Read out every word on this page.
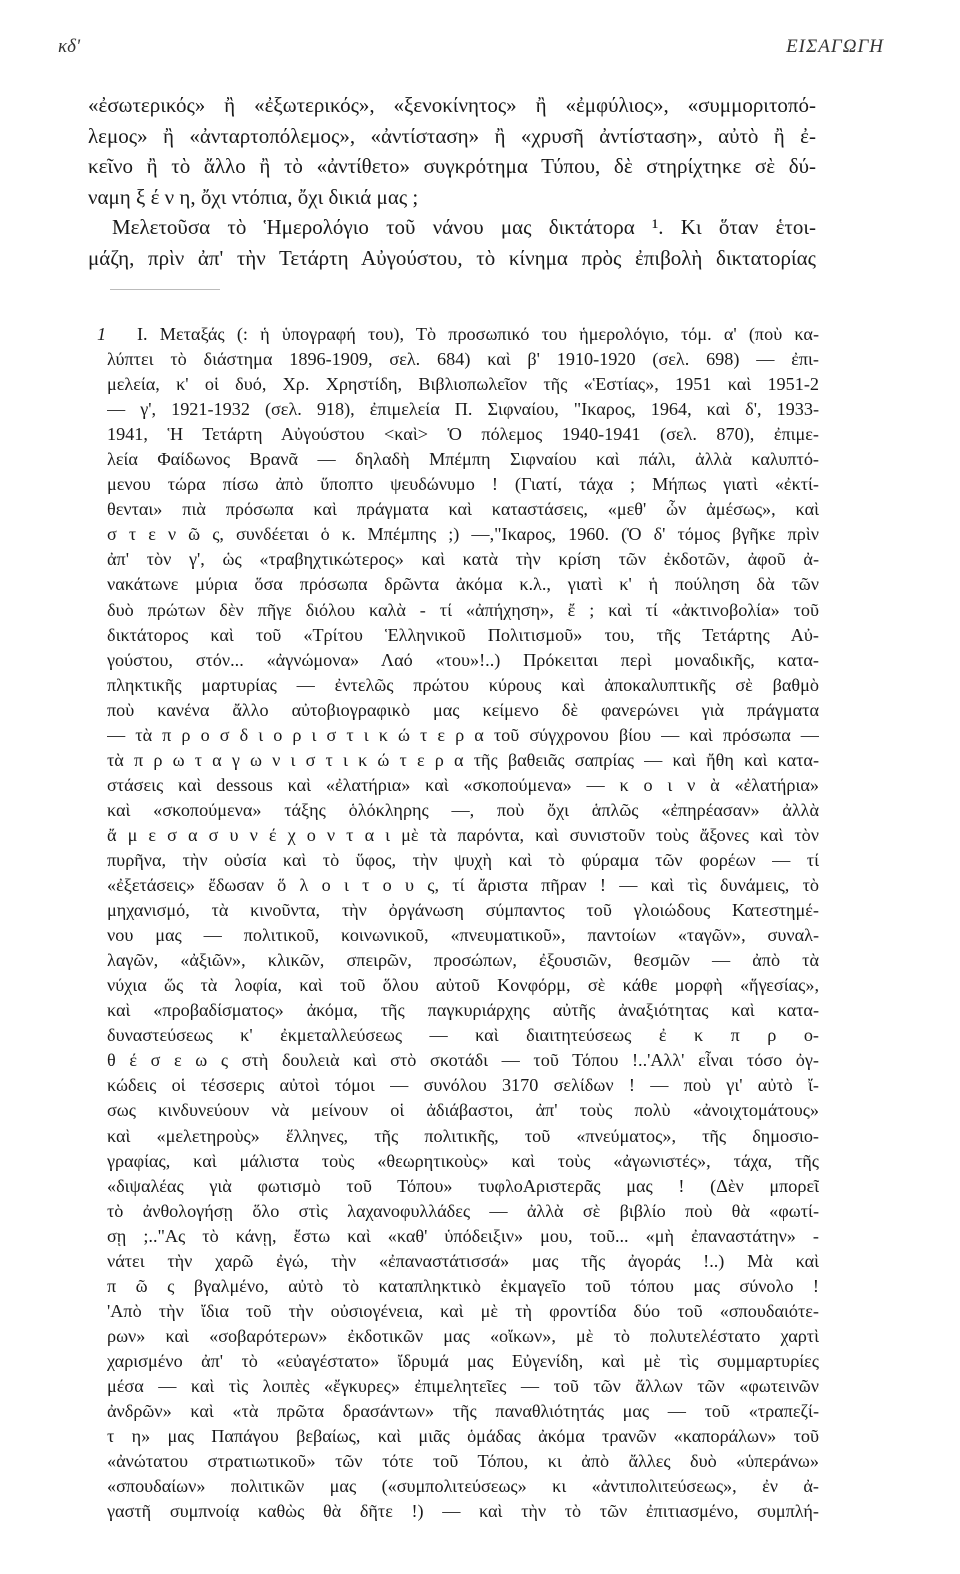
κδ'	ΕΙΣΑΓΩΓΗ
«ἐσωτερικός» ἢ «ἐξωτερικός», «ξενοκίνητος» ἢ «ἐμφύλιος», «συμμοριτοπό-
λεμος» ἢ «ἀνταρτοπόλεμος», «ἀντίσταση» ἢ «χρυσῆ ἀντίσταση», αὐτὸ ἢ ἐ-
κεῖνο ἢ τὸ ἄλλο ἢ τὸ «ἀντίθετο» συγκρότημα Τύπου, δὲ στηρίχτηκε σὲ δύ-
ναμη ξ έ ν η, ὄχι ντόπια, ὄχι δικιά μας ;
Μελετοῦσα τὸ Ἡμερολόγιο τοῦ νάνου μας δικτάτορα ¹. Κι ὅταν ἑτοι-
μάζη, πρὶν ἀπ' τὴν Τετάρτη Αὐγούστου, τὸ κίνημα πρὸς ἐπιβολὴ δικτατορίας
1	Ι. Μεταξάς (: ἡ ὑπογραφή του), Τὸ προσωπικό του ἡμερολόγιο, τόμ. α' (ποὺ κα-
λύπτει τὸ διάστημα 1896-1909, σελ. 684) καὶ β' 1910-1920 (σελ. 698) — ἐπι-
μελεία, κ' οἱ δυό, Χρ. Χρηστίδη, Βιβλιοπωλεῖον τῆς «Ἑστίας», 1951 καὶ 1951-2
— γ', 1921-1932 (σελ. 918), ἐπιμελεία Π. Σιφναίου, "Ικαρος, 1964, καὶ δ', 1933-
1941, Ἡ Τετάρτη Αὐγούστου <καὶ> Ὁ πόλεμος 1940-1941 (σελ. 870), ἐπιμε-
λεία Φαίδωνος Βρανᾶ — δηλαδὴ Μπέμπη Σιφναίου καὶ πάλι, ἀλλὰ καλυπτό-
μενου τώρα πίσω ἀπὸ ὕποπτο ψευδώνυμο ! (Γιατί, τάχα ; Μήπως γιατὶ «ἐκτί-
θενται» πιὰ πρόσωπα καὶ πράγματα καὶ καταστάσεις, «μεθ' ὧν ἀμέσως», καὶ
σ τ ε ν ῶ ς, συνδέεται ὁ κ. Μπέμπης ;) —,"Ικαρος, 1960. (Ὁ δ' τόμος βγῆκε πρὶν
ἀπ' τὸν γ', ὡς «τραβηχτικώτερος» καὶ κατὰ τὴν κρίση τῶν ἐκδοτῶν, ἀφοῦ ἀ-
νακάτωνε μύρια ὅσα πρόσωπα δρῶντα ἀκόμα κ.λ., γιατὶ κ' ἡ πούληση δὰ τῶν
δυὸ πρώτων δὲν πῆγε διόλου καλὰ - τί «ἀπήχηση», ἔ ; καὶ τί «ἀκτινοβολία» τοῦ
δικτάτορος καὶ τοῦ «Τρίτου Ἑλληνικοῦ Πολιτισμοῦ» του, τῆς Τετάρτης Αὐ-
γούστου, στόν... «ἀγνώμονα» Λαό «του»!..) Πρόκειται περὶ μοναδικῆς, κατα-
πληκτικῆς μαρτυρίας — ἐντελῶς πρώτου κύρους καὶ ἀποκαλυπτικῆς σὲ βαθμὸ
ποὺ κανένα ἄλλο αὐτοβιογραφικὸ μας κείμενο δὲ φανερώνει γιὰ πράγματα
— τὰ π ρ ο σ δ ι ο ρ ι σ τ ι κ ώ τ ε ρ α τοῦ σύγχρονου βίου — καὶ πρόσωπα —
τὰ π ρ ω τ α γ ω ν ι σ τ ι κ ώ τ ε ρ α τῆς βαθειᾶς σαπρίας — καὶ ἤθη καὶ κατα-
στάσεις καὶ dessous καὶ «ἐλατήρια» καὶ «σκοπούμενα» — κ ο ι ν ὰ «ἐλατήρια»
καὶ «σκοπούμενα» τάξης ὁλόκληρης —, ποὺ ὄχι ἁπλῶς «ἐπηρέασαν» ἀλλὰ
ἄ μ ε σ α σ υ ν έ χ ο ν τ α ι μὲ τὰ παρόντα, καὶ συνιστοῦν τοὺς ἄξονες καὶ τὸν
πυρῆνα, τὴν οὐσία καὶ τὸ ὕφος, τὴν ψυχὴ καὶ τὸ φύραμα τῶν φορέων — τί
«ἐξετάσεις» ἔδωσαν ὅ λ ο ι τ ο υ ς, τί ἄριστα πῆραν ! — καὶ τὶς δυνάμεις, τὸ
μηχανισμό, τὰ κινοῦντα, τὴν ὀργάνωση σύμπαντος τοῦ γλοιώδους Κατεστημέ-
νου μας — πολιτικοῦ, κοινωνικοῦ, «πνευματικοῦ», παντοίων «ταγῶν», συναλ-
λαγῶν, «ἀξιῶν», κλικῶν, σπειρῶν, προσώπων, ἐξουσιῶν, θεσμῶν — ἀπὸ τὰ
νύχια ὥς τὰ λοφία, καὶ τοῦ ὅλου αὐτοῦ Κονφόρμ, σὲ κάθε μορφὴ «ἥγεσίας»,
καὶ «προβαδίσματος» ἀκόμα, τῆς παγκυριάρχης αὐτῆς ἀναξιότητας καὶ κατα-
δυναστεύσεως κ' ἐκμεταλλεύσεως — καὶ διαιτητεύσεως ἐ κ π ρ ο-
θ έ σ ε ω ς στὴ δουλειὰ καὶ στὸ σκοτάδι — τοῦ Τόπου !..'Αλλ' εἶναι τόσο ὀγ-
κώδεις οἱ τέσσερις αὐτοὶ τόμοι — συνόλου 3170 σελίδων ! — ποὺ γι' αὐτὸ ἴ-
σως κινδυνεύουν νὰ μείνουν οἱ ἀδιάβαστοι, ἀπ' τοὺς πολὺ «ἀνοιχτομάτους»
καὶ «μελετηροὺς» ἕλληνες, τῆς πολιτικῆς, τοῦ «πνεύματος», τῆς δημοσιο-
γραφίας, καὶ μάλιστα τοὺς «θεωρητικοὺς» καὶ τοὺς «ἀγωνιστές», τάχα, τῆς
«διψαλέας γιὰ φωτισμὸ τοῦ Τόπου» τυφλοΑριστερᾶς μας ! (Δὲν μπορεῖ
τὸ ἀνθολογήσῃ ὅλο στὶς λαχανοφυλλάδες — ἀλλὰ σὲ βιβλίο ποὺ θὰ «φωτί-
σῃ ;.."Ας τὸ κάνῃ, ἔστω καὶ «καθ' ὑπόδειξιν» μου, τοῦ... «μὴ ἐπαναστάτην» -
νάτει τὴν χαρῶ ἐγώ, τὴν «ἐπαναστάτισσά» μας τῆς ἀγοράς !..) Μὰ καὶ
π ῶ ς βγαλμένο, αὐτὸ τὸ καταπληκτικὸ ἐκμαγεῖο τοῦ τόπου μας σύνολο !
'Απὸ τὴν ἴδια τοῦ τὴν οὐσιογένεια, καὶ μὲ τὴ φροντίδα δύο τοῦ «σπουδαιότε-
ρων» καὶ «σοβαρότερων» ἐκδοτικῶν μας «οἴκων», μὲ τὸ πολυτελέστατο χαρτὶ
χαρισμένο ἀπ' τὸ «εὐαγέστατο» ἴδρυμά μας Εὐγενίδη, καὶ μὲ τὶς συμμαρτυρίες
μέσα — καὶ τὶς λοιπὲς «ἔγκυρες» ἐπιμελητεῖες — τοῦ τῶν ἄλλων τῶν «φωτεινῶν
ἀνδρῶν» καὶ «τὰ πρῶτα δρασάντων» τῆς παναθλιότητάς μας — τοῦ «τραπεζί-
τ η» μας Παπάγου βεβαίως, καὶ μιᾶς ὁμάδας ἀκόμα τρανῶν «καποράλων» τοῦ
«ἀνώτατου στρατιωτικοῦ» τῶν τότε τοῦ Τόπου, κι ἀπὸ ἄλλες δυὸ «ὑπεράνω»
«σπουδαίων» πολιτικῶν μας («συμπολιτεύσεως» κι «ἀντιπολιτεύσεως», ἐν ἀ-
γαστῆ συμπνοίᾳ καθὼς θὰ δῆτε !) — καὶ τὴν τὸ τῶν ἐπιτιασμένο, συμπλή-
